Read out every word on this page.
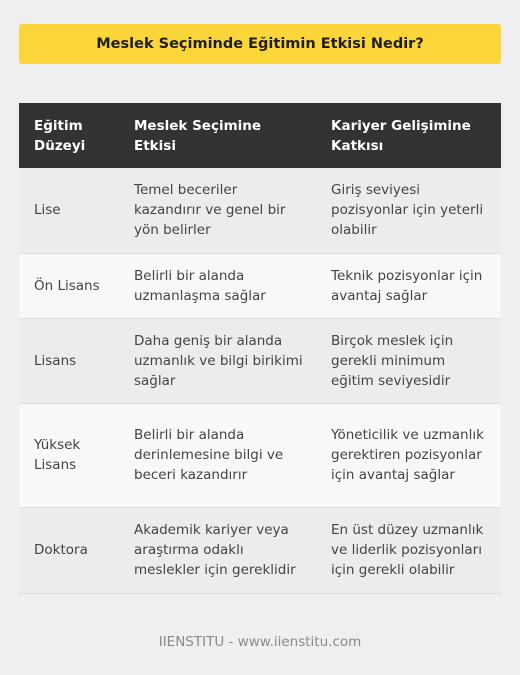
Meslek Seçiminde Eğitimin Etkisi Nedir?
Eğitim Düzeyi	Meslek Seçimine Etkisi	Kariyer Gelişimine Katkısı
Lise	Temel beceriler kazandırır ve genel bir yön belirler	Giriş seviyesi pozisyonlar için yeterli olabilir
Ön Lisans	Belirli bir alanda uzmanlaşma sağlar	Teknik pozisyonlar için avantaj sağlar
Lisans	Daha geniş bir alanda uzmanlık ve bilgi birikimi sağlar	Birçok meslek için gerekli minimum eğitim seviyesidir
Yüksek Lisans	Belirli bir alanda derinlemesine bilgi ve beceri kazandırır	Yöneticilik ve uzmanlık gerektiren pozisyonlar için avantaj sağlar
Doktora	Akademik kariyer veya araştırma odaklı meslekler için gereklidir	En üst düzey uzmanlık ve liderlik pozisyonları için gerekli olabilir
IIENSTITU - www.iienstitu.com
